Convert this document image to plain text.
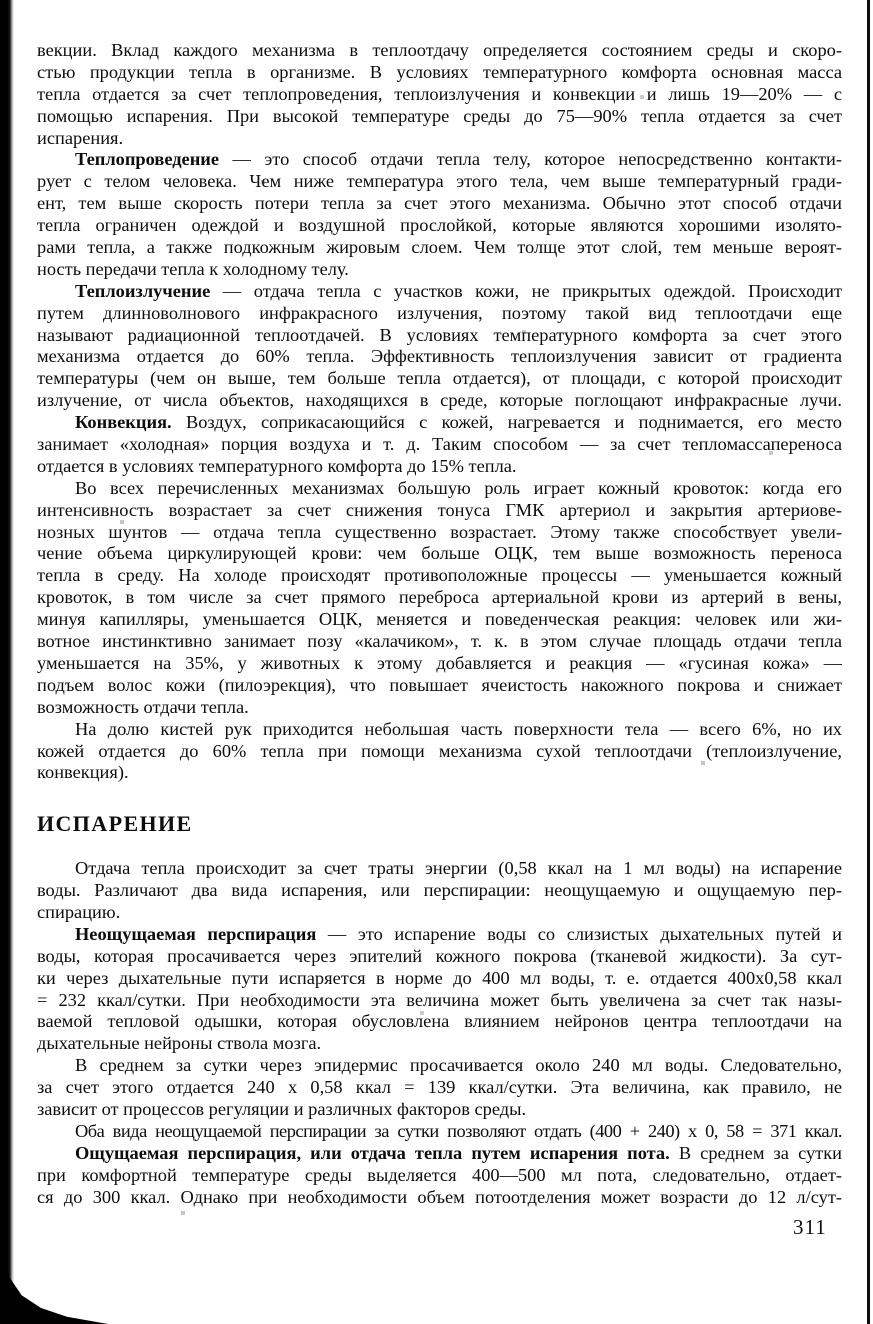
векции. Вклад каждого механизма в теплоотдачу определяется состоянием среды и скоро-
стью продукции тепла в организме. В условиях температурного комфорта основная масса
тепла отдается за счет теплопроведения, теплоизлучения и конвекции и лишь 19—20% — с
помощью испарения. При высокой температуре среды до 75—90% тепла отдается за счет
испарения.
Теплопроведение — это способ отдачи тепла телу, которое непосредственно контакти-
рует с телом человека. Чем ниже температура этого тела, чем выше температурный гради-
ент, тем выше скорость потери тепла за счет этого механизма. Обычно этот способ отдачи
тепла ограничен одеждой и воздушной прослойкой, которые являются хорошими изолято-
рами тепла, а также подкожным жировым слоем. Чем толще этот слой, тем меньше вероят-
ность передачи тепла к холодному телу.
Теплоизлучение — отдача тепла с участков кожи, не прикрытых одеждой. Происходит
путем длинноволнового инфракрасного излучения, поэтому такой вид теплоотдачи еще
называют радиационной теплоотдачей. В условиях температурного комфорта за счет этого
механизма отдается до 60% тепла. Эффективность теплоизлучения зависит от градиента
температуры (чем он выше, тем больше тепла отдается), от площади, с которой происходит
излучение, от числа объектов, находящихся в среде, которые поглощают инфракрасные лучи.
Конвекция. Воздух, соприкасающийся с кожей, нагревается и поднимается, его место
занимает «холодная» порция воздуха и т. д. Таким способом — за счет тепломассапереноса
отдается в условиях температурного комфорта до 15% тепла.
Во всех перечисленных механизмах большую роль играет кожный кровоток: когда его
интенсивность возрастает за счет снижения тонуса ГМК артериол и закрытия артериове-
нозных шунтов — отдача тепла существенно возрастает. Этому также способствует увели-
чение объема циркулирующей крови: чем больше ОЦК, тем выше возможность переноса
тепла в среду. На холоде происходят противоположные процессы — уменьшается кожный
кровоток, в том числе за счет прямого переброса артериальной крови из артерий в вены,
минуя капилляры, уменьшается ОЦК, меняется и поведенческая реакция: человек или жи-
вотное инстинктивно занимает позу «калачиком», т. к. в этом случае площадь отдачи тепла
уменьшается на 35%, у животных к этому добавляется и реакция — «гусиная кожа» —
подъем волос кожи (пилоэрекция), что повышает ячеистость накожного покрова и снижает
возможность отдачи тепла.
На долю кистей рук приходится небольшая часть поверхности тела — всего 6%, но их
кожей отдается до 60% тепла при помощи механизма сухой теплоотдачи (теплоизлучение,
конвекция).
ИСПАРЕНИЕ
Отдача тепла происходит за счет траты энергии (0,58 ккал на 1 мл воды) на испарение
воды. Различают два вида испарения, или перспирации: неощущаемую и ощущаемую пер-
спирацию.
Неощущаемая перспирация — это испарение воды со слизистых дыхательных путей и
воды, которая просачивается через эпителий кожного покрова (тканевой жидкости). За сут-
ки через дыхательные пути испаряется в норме до 400 мл воды, т. е. отдается 400х0,58 ккал
= 232 ккал/сутки. При необходимости эта величина может быть увеличена за счет так назы-
ваемой тепловой одышки, которая обусловлена влиянием нейронов центра теплоотдачи на
дыхательные нейроны ствола мозга.
В среднем за сутки через эпидермис просачивается около 240 мл воды. Следовательно,
за счет этого отдается 240 х 0,58 ккал = 139 ккал/сутки. Эта величина, как правило, не
зависит от процессов регуляции и различных факторов среды.
Оба вида неощущаемой перспирации за сутки позволяют отдать (400 + 240) х 0, 58 = 371 ккал.
Ощущаемая перспирация, или отдача тепла путем испарения пота. В среднем за сутки
при комфортной температуре среды выделяется 400—500 мл пота, следовательно, отдает-
ся до 300 ккал. Однако при необходимости объем потоотделения может возрасти до 12 л/сут-
311
